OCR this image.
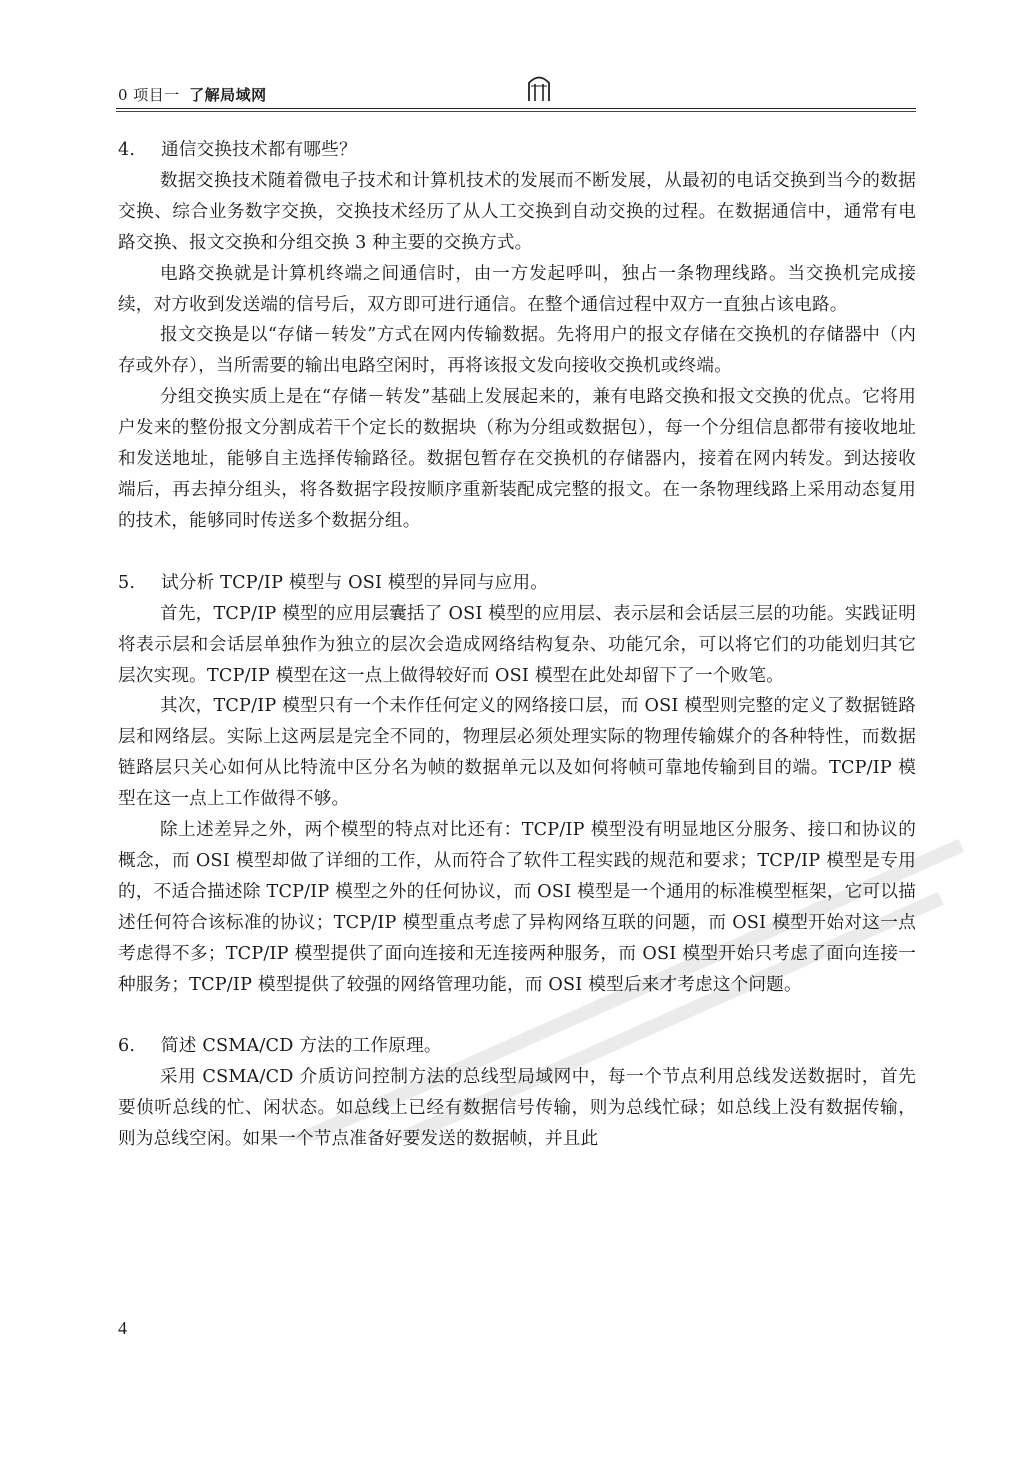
0 项目一 了解局域网

4. 通信交换技术都有哪些？

数据交换技术随着微电子技术和计算机技术的发展而不断发展，从最初的电话交换到当今的数据交换、综合业务数字交换，交换技术经历了从人工交换到自动交换的过程。在数据通信中，通常有电路交换、报文交换和分组交换 3 种主要的交换方式。

电路交换就是计算机终端之间通信时，由一方发起呼叫，独占一条物理线路。当交换机完成接续，对方收到发送端的信号后，双方即可进行通信。在整个通信过程中双方一直独占该电路。

报文交换是以“存储－转发”方式在网内传输数据。先将用户的报文存储在交换机的存储器中（内存或外存），当所需要的输出电路空闲时，再将该报文发向接收交换机或终端。

分组交换实质上是在“存储－转发”基础上发展起来的，兼有电路交换和报文交换的优点。它将用户发来的整份报文分割成若干个定长的数据块（称为分组或数据包），每一个分组信息都带有接收地址和发送地址，能够自主选择传输路径。数据包暂存在交换机的存储器内，接着在网内转发。到达接收端后，再去掉分组头，将各数据字段按顺序重新装配成完整的报文。在一条物理线路上采用动态复用的技术，能够同时传送多个数据分组。

5. 试分析 TCP/IP 模型与 OSI 模型的异同与应用。

首先，TCP/IP 模型的应用层囊括了 OSI 模型的应用层、表示层和会话层三层的功能。实践证明将表示层和会话层单独作为独立的层次会造成网络结构复杂、功能冗余，可以将它们的功能划归其它层次实现。TCP/IP 模型在这一点上做得较好而 OSI 模型在此处却留下了一个败笔。

其次，TCP/IP 模型只有一个未作任何定义的网络接口层，而 OSI 模型则完整的定义了数据链路层和网络层。实际上这两层是完全不同的，物理层必须处理实际的物理传输媒介的各种特性，而数据链路层只关心如何从比特流中区分名为帧的数据单元以及如何将帧可靠地传输到目的端。TCP/IP 模型在这一点上工作做得不够。

除上述差异之外，两个模型的特点对比还有：TCP/IP 模型没有明显地区分服务、接口和协议的概念，而 OSI 模型却做了详细的工作，从而符合了软件工程实践的规范和要求；TCP/IP 模型是专用的，不适合描述除 TCP/IP 模型之外的任何协议，而 OSI 模型是一个通用的标准模型框架，它可以描述任何符合该标准的协议；TCP/IP 模型重点考虑了异构网络互联的问题，而 OSI 模型开始对这一点考虑得不多；TCP/IP 模型提供了面向连接和无连接两种服务，而 OSI 模型开始只考虑了面向连接一种服务；TCP/IP 模型提供了较强的网络管理功能，而 OSI 模型后来才考虑这个问题。

6. 简述 CSMA/CD 方法的工作原理。

采用 CSMA/CD 介质访问控制方法的总线型局域网中，每一个节点利用总线发送数据时，首先要侦听总线的忙、闲状态。如总线上已经有数据信号传输，则为总线忙碌；如总线上没有数据传输，则为总线空闲。如果一个节点准备好要发送的数据帧，并且此

4
